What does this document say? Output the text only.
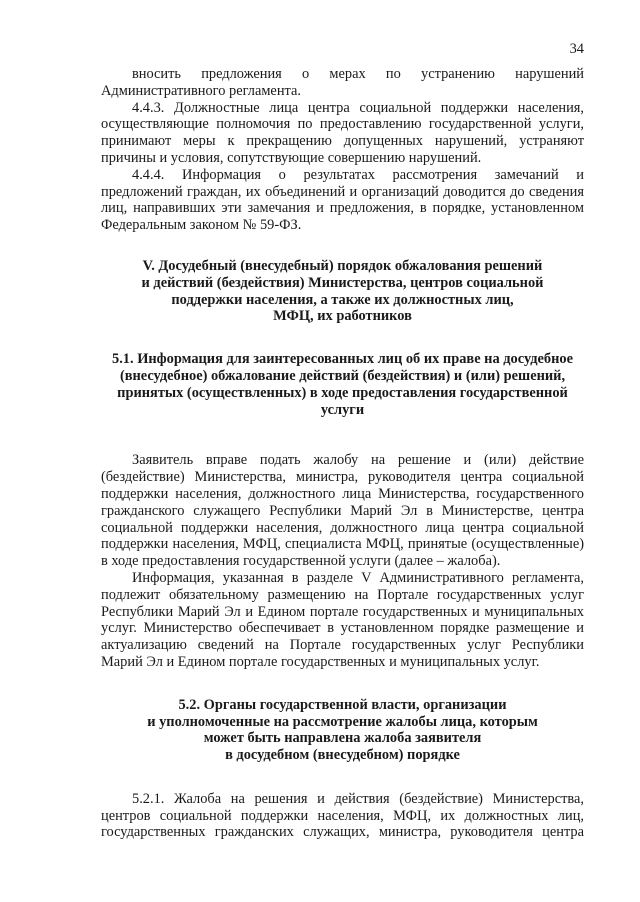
34

вносить предложения о мерах по устранению нарушений Административного регламента.

4.4.3. Должностные лица центра социальной поддержки населения, осуществляющие полномочия по предоставлению государственной услуги, принимают меры к прекращению допущенных нарушений, устраняют причины и условия, сопутствующие совершению нарушений.

4.4.4. Информация о результатах рассмотрения замечаний и предложений граждан, их объединений и организаций доводится до сведения лиц, направивших эти замечания и предложения, в порядке, установленном Федеральным законом № 59-ФЗ.

V. Досудебный (внесудебный) порядок обжалования решений
и действий (бездействия) Министерства, центров социальной
поддержки населения, а также их должностных лиц,
МФЦ, их работников
5.1. Информация для заинтересованных лиц об их праве на досудебное
(внесудебное) обжалование действий (бездействия) и (или) решений,
принятых (осуществленных) в ходе предоставления государственной
услуги

Заявитель вправе подать жалобу на решение и (или) действие (бездействие) Министерства, министра, руководителя центра социальной поддержки населения, должностного лица Министерства, государственного гражданского служащего Республики Марий Эл в Министерстве, центра социальной поддержки населения, должностного лица центра социальной поддержки населения, МФЦ, специалиста МФЦ, принятые (осуществленные) в ходе предоставления государственной услуги (далее – жалоба).

Информация, указанная в разделе V Административного регламента, подлежит обязательному размещению на Портале государственных услуг Республики Марий Эл и Едином портале государственных и муниципальных услуг. Министерство обеспечивает в установленном порядке размещение и актуализацию сведений на Портале государственных услуг Республики Марий Эл и Едином портале государственных и муниципальных услуг.

5.2. Органы государственной власти, организации
и уполномоченные на рассмотрение жалобы лица, которым
может быть направлена жалоба заявителя
в досудебном (внесудебном) порядке

5.2.1. Жалоба на решения и действия (бездействие) Министерства, центров социальной поддержки населения, МФЦ, их должностных лиц, государственных гражданских служащих, министра, руководителя центра
